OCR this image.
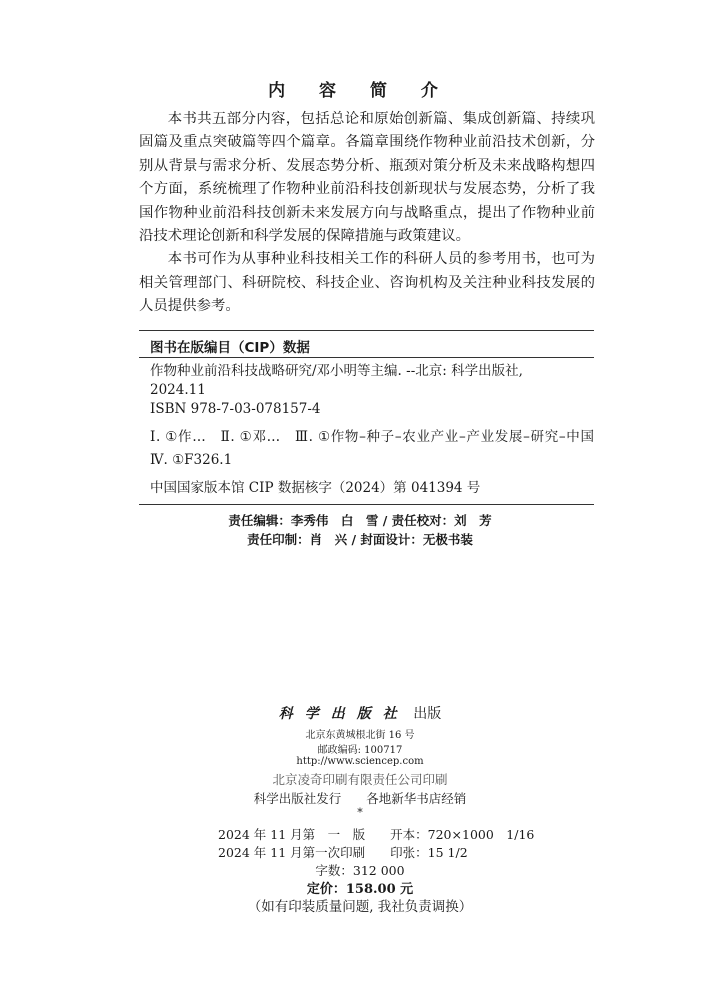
内 容 简 介

本书共五部分内容，包括总论和原始创新篇、集成创新篇、持续巩固篇及重点突破篇等四个篇章。各篇章围绕作物种业前沿技术创新，分别从背景与需求分析、发展态势分析、瓶颈对策分析及未来战略构想四个方面，系统梳理了作物种业前沿科技创新现状与发展态势，分析了我国作物种业前沿科技创新未来发展方向与战略重点，提出了作物种业前沿技术理论创新和科学发展的保障措施与政策建议。

本书可作为从事种业科技相关工作的科研人员的参考用书，也可为相关管理部门、科研院校、科技企业、咨询机构及关注种业科技发展的人员提供参考。

图书在版编目（CIP）数据
作物种业前沿科技战略研究/邓小明等主编. --北京: 科学出版社,
2024.11
ISBN 978-7-03-078157-4
Ⅰ. ①作…　Ⅱ. ①邓…　Ⅲ. ①作物–种子–农业产业–产业发展–研究–中国　Ⅳ. ①F326.1
中国国家版本馆 CIP 数据核字（2024）第 041394 号
责任编辑：李秀伟　白　雪 / 责任校对：刘　芳
责任印制：肖　兴 / 封面设计：无极书装
科学出版社 出版
北京东黄城根北街 16 号
邮政编码: 100717
http://www.sciencep.com
北京凌奇印刷有限责任公司印刷
科学出版社发行　　 各地新华书店经销
*
2024 年 11 月第　一　版　　 开本：720×1000　1/16
2024 年 11 月第一次印刷　　 印张：15 1/2
字数：312 000
定价：158.00 元
（如有印装质量问题, 我社负责调换）
